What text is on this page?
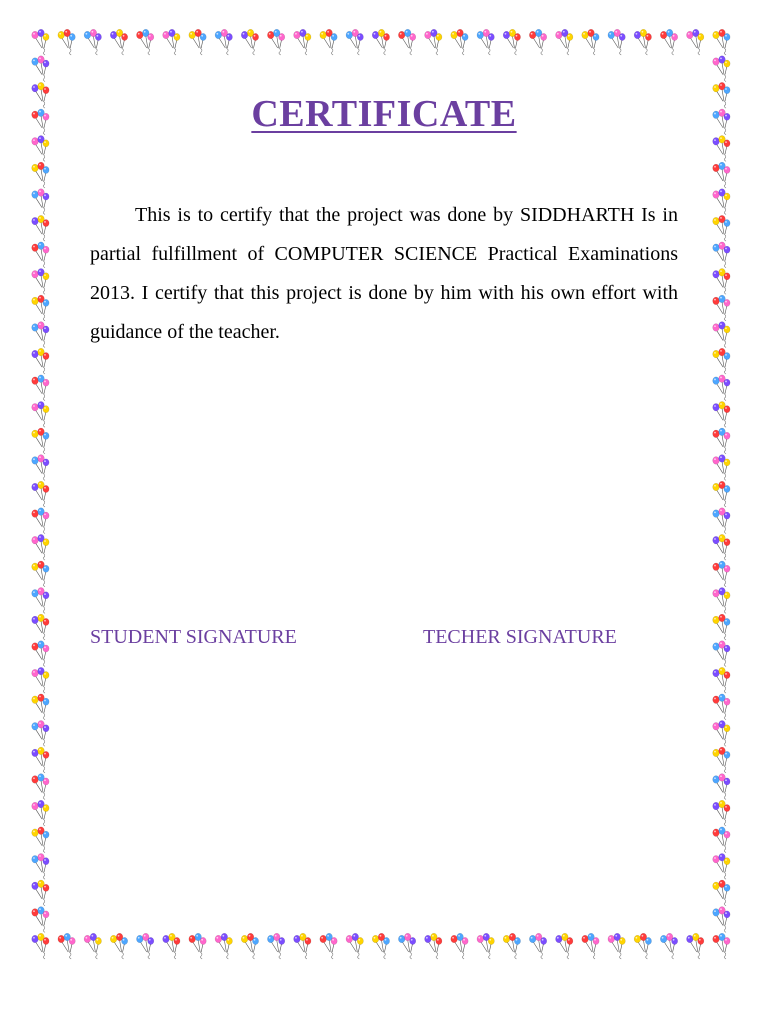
CERTIFICATE

This is to certify that the project was done by SIDDHARTH Is in partial fulfillment of COMPUTER SCIENCE Practical Examinations 2013. I certify that this project is done by him with his own effort with guidance of the teacher.

STUDENT SIGNATURE	TECHER SIGNATURE
